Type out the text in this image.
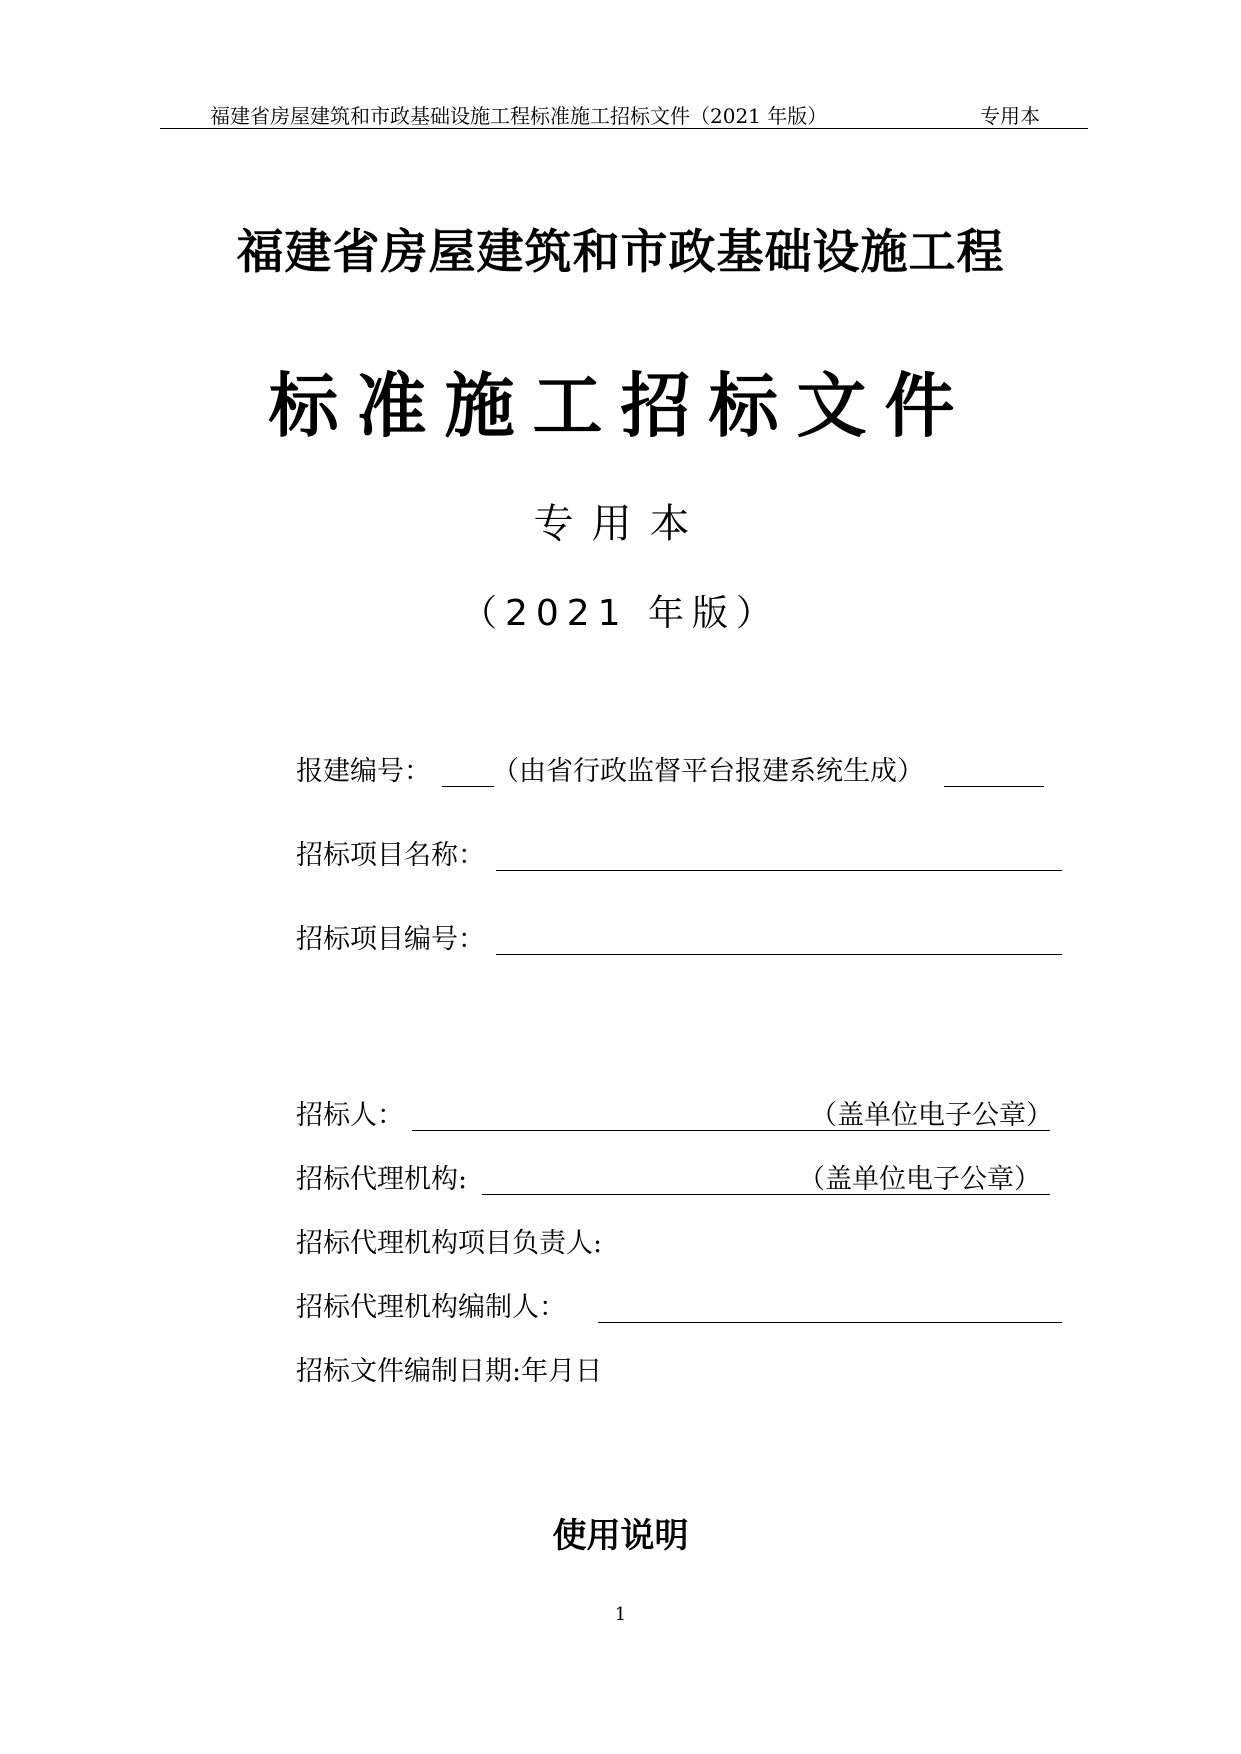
福建省房屋建筑和市政基础设施工程标准施工招标文件（2021 年版）	专用本
福建省房屋建筑和市政基础设施工程
标准施工招标文件
专用本
（2021 年版）
报建编号： （由省行政监督平台报建系统生成）
招标项目名称：
招标项目编号：
招标人：	（盖单位电子公章）
招标代理机构:	（盖单位电子公章）
招标代理机构项目负责人:
招标代理机构编制人：
招标文件编制日期:年月日
使用说明
1
